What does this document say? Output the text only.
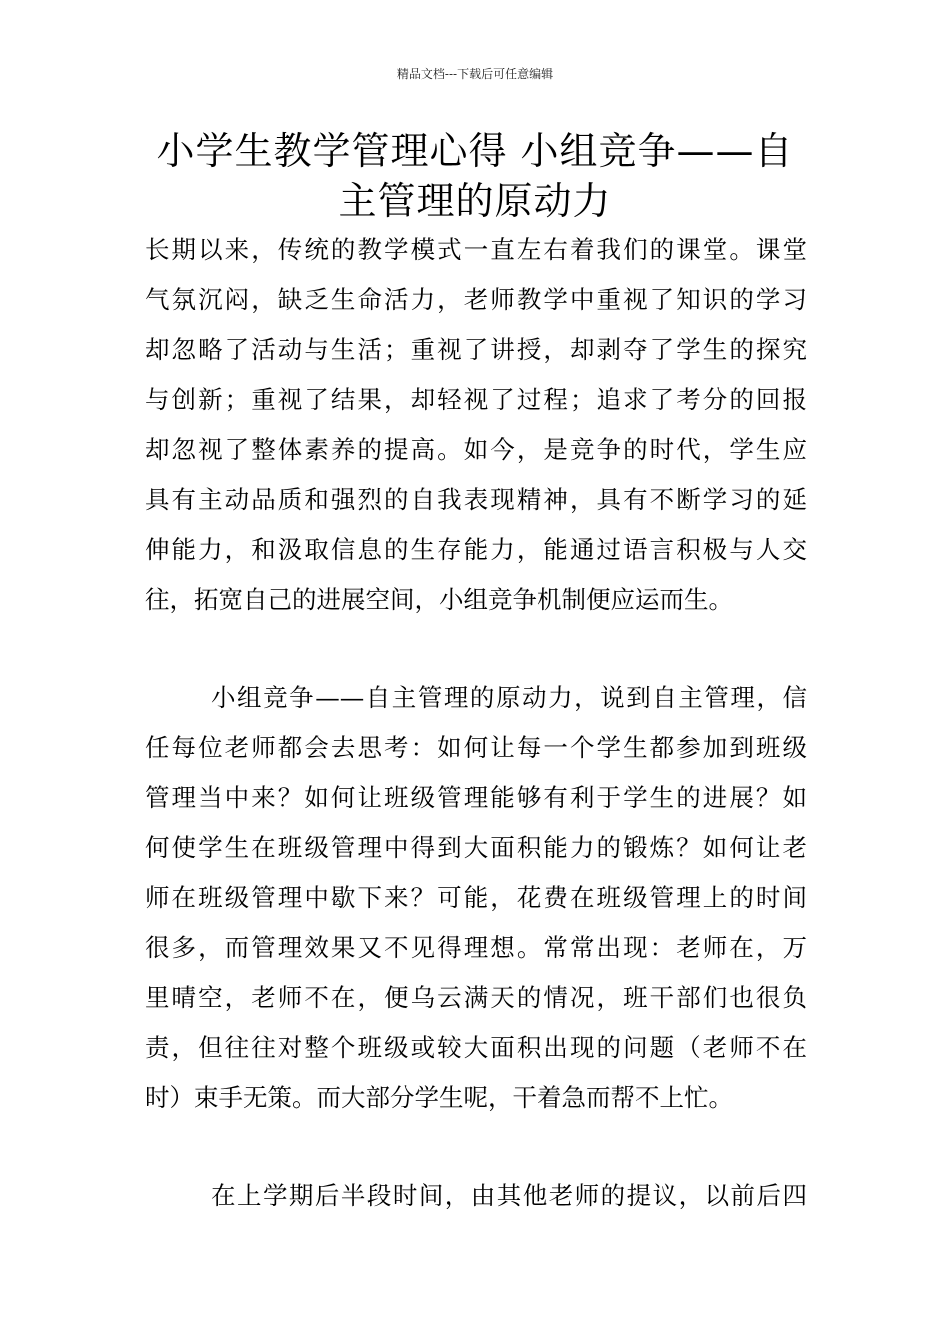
精品文档---下载后可任意编辑
小学生教学管理心得 小组竞争——自
主管理的原动力
长期以来，传统的教学模式一直左右着我们的课堂。课堂
气氛沉闷，缺乏生命活力，老师教学中重视了知识的学习
却忽略了活动与生活；重视了讲授，却剥夺了学生的探究
与创新；重视了结果，却轻视了过程；追求了考分的回报
却忽视了整体素养的提高。如今，是竞争的时代，学生应
具有主动品质和强烈的自我表现精神，具有不断学习的延
伸能力，和汲取信息的生存能力，能通过语言积极与人交
往，拓宽自己的进展空间，小组竞争机制便应运而生。
小组竞争——自主管理的原动力，说到自主管理，信
任每位老师都会去思考：如何让每一个学生都参加到班级
管理当中来？如何让班级管理能够有利于学生的进展？如
何使学生在班级管理中得到大面积能力的锻炼？如何让老
师在班级管理中歇下来？可能，花费在班级管理上的时间
很多，而管理效果又不见得理想。常常出现：老师在，万
里晴空，老师不在，便乌云满天的情况，班干部们也很负
责，但往往对整个班级或较大面积出现的问题（老师不在
时）束手无策。而大部分学生呢，干着急而帮不上忙。
在上学期后半段时间，由其他老师的提议，以前后四
